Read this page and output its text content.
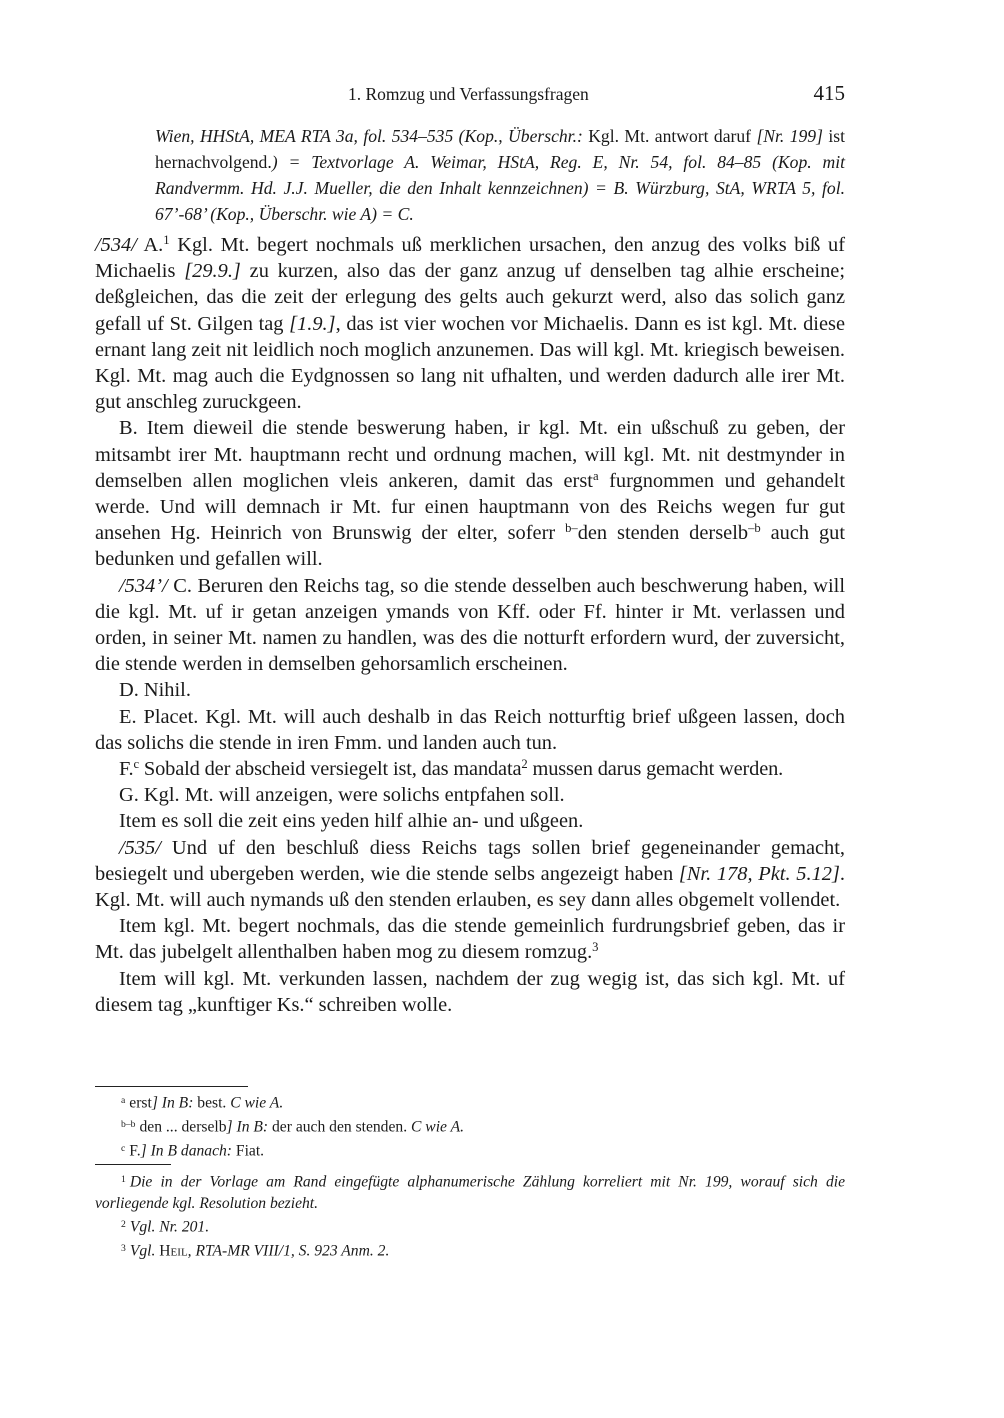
1. Romzug und Verfassungsfragen	415
Wien, HHStA, MEA RTA 3a, fol. 534–535 (Kop., Überschr.: Kgl. Mt. antwort daruf [Nr. 199] ist hernachvolgend.) = Textvorlage A. Weimar, HStA, Reg. E, Nr. 54, fol. 84–85 (Kop. mit Randvermm. Hd. J.J. Mueller, die den Inhalt kennzeichnen) = B. Würzburg, StA, WRTA 5, fol. 67’-68’ (Kop., Überschr. wie A) = C.

/534/ A.$^1$ Kgl. Mt. begert nochmals uß merklichen ursachen, den anzug des volks biß uf Michaelis [29.9.] zu kurzen, also das der ganz anzug uf denselben tag alhie erscheine; deßgleichen, das die zeit der erlegung des gelts auch gekurzt werd, also das solich ganz gefall uf St. Gilgen tag [1.9.], das ist vier wochen vor Michaelis. Dann es ist kgl. Mt. diese ernant lang zeit nit leidlich noch moglich anzunemen. Das will kgl. Mt. kriegisch beweisen. Kgl. Mt. mag auch die Eydgnossen so lang nit ufhalten, und werden dadurch alle irer Mt. gut anschleg zuruckgeen.

B. Item dieweil die stende beswerung haben, ir kgl. Mt. ein ußschuß zu geben, der mitsambt irer Mt. hauptmann recht und ordnung machen, will kgl. Mt. nit destmynder in demselben allen moglichen vleis ankeren, damit das erst$^a$ furgnommen und gehandelt werde. Und will demnach ir Mt. fur einen hauptmann von des Reichs wegen fur gut ansehen Hg. Heinrich von Brunswig der elter, soferr $^{b-}$den stenden derselb$^{-b}$ auch gut bedunken und gefallen will.

/534’/ C. Beruren den Reichs tag, so die stende desselben auch beschwerung haben, will die kgl. Mt. uf ir getan anzeigen ymands von Kff. oder Ff. hinter ir Mt. verlassen und orden, in seiner Mt. namen zu handlen, was des die notturft erfordern wurd, der zuversicht, die stende werden in demselben gehorsamlich erscheinen.

D. Nihil.

E. Placet. Kgl. Mt. will auch deshalb in das Reich notturftig brief ußgeen lassen, doch das solichs die stende in iren Fmm. und landen auch tun.

F.$^c$ Sobald der abscheid versiegelt ist, das mandata$^2$ mussen darus gemacht werden.

G. Kgl. Mt. will anzeigen, were solichs entpfahen soll.

Item es soll die zeit eins yeden hilf alhie an- und ußgeen.

/535/ Und uf den beschluß diess Reichs tags sollen brief gegeneinander gemacht, besiegelt und ubergeben werden, wie die stende selbs angezeigt haben [Nr. 178, Pkt. 5.12]. Kgl. Mt. will auch nymands uß den stenden erlauben, es sey dann alles obgemelt vollendet.

Item kgl. Mt. begert nochmals, das die stende gemeinlich furdrungsbrief geben, das ir Mt. das jubelgelt allenthalben haben mog zu diesem romzug.$^3$

Item will kgl. Mt. verkunden lassen, nachdem der zug wegig ist, das sich kgl. Mt. uf diesem tag „kunftiger Ks.“ schreiben wolle.

$^a$ erst] In B: best. C wie A.

$^{b-b}$ den ... derselb] In B: der auch den stenden. C wie A.

$^c$ F.] In B danach: Fiat.

$^1$ Die in der Vorlage am Rand eingefügte alphanumerische Zählung korreliert mit Nr. 199, worauf sich die vorliegende kgl. Resolution bezieht.

$^2$ Vgl. Nr. 201.

$^3$ Vgl. Heil, RTA-MR VIII/1, S. 923 Anm. 2.
